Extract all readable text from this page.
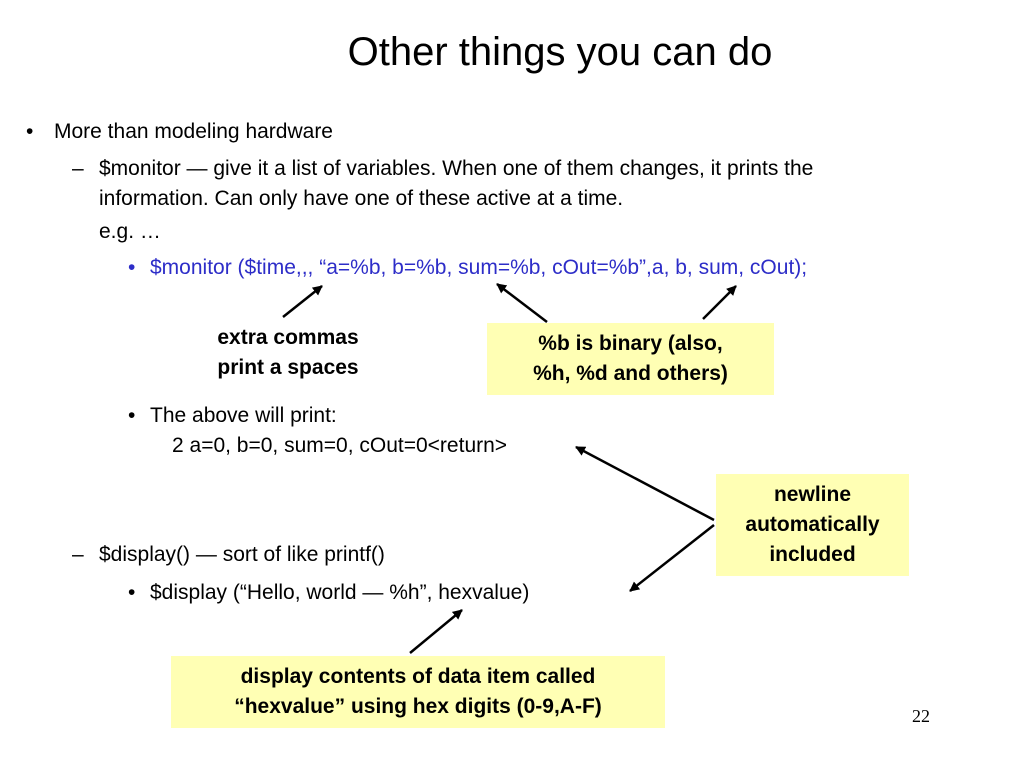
Other things you can do
• More than modeling hardware
– $monitor — give it a list of variables. When one of them changes, it prints the
information. Can only have one of these active at a time.
e.g. …
• $monitor ($time,,, “a=%b, b=%b, sum=%b, cOut=%b”,a, b, sum, cOut);
extra commas
print a spaces
%b is binary (also,
%h, %d and others)
• The above will print:
2 a=0, b=0, sum=0, cOut=0<return>
newline
automatically
included
– $display() — sort of like printf()
• $display (“Hello, world — %h”, hexvalue)
display contents of data item called
“hexvalue” using hex digits (0-9,A-F)	22
